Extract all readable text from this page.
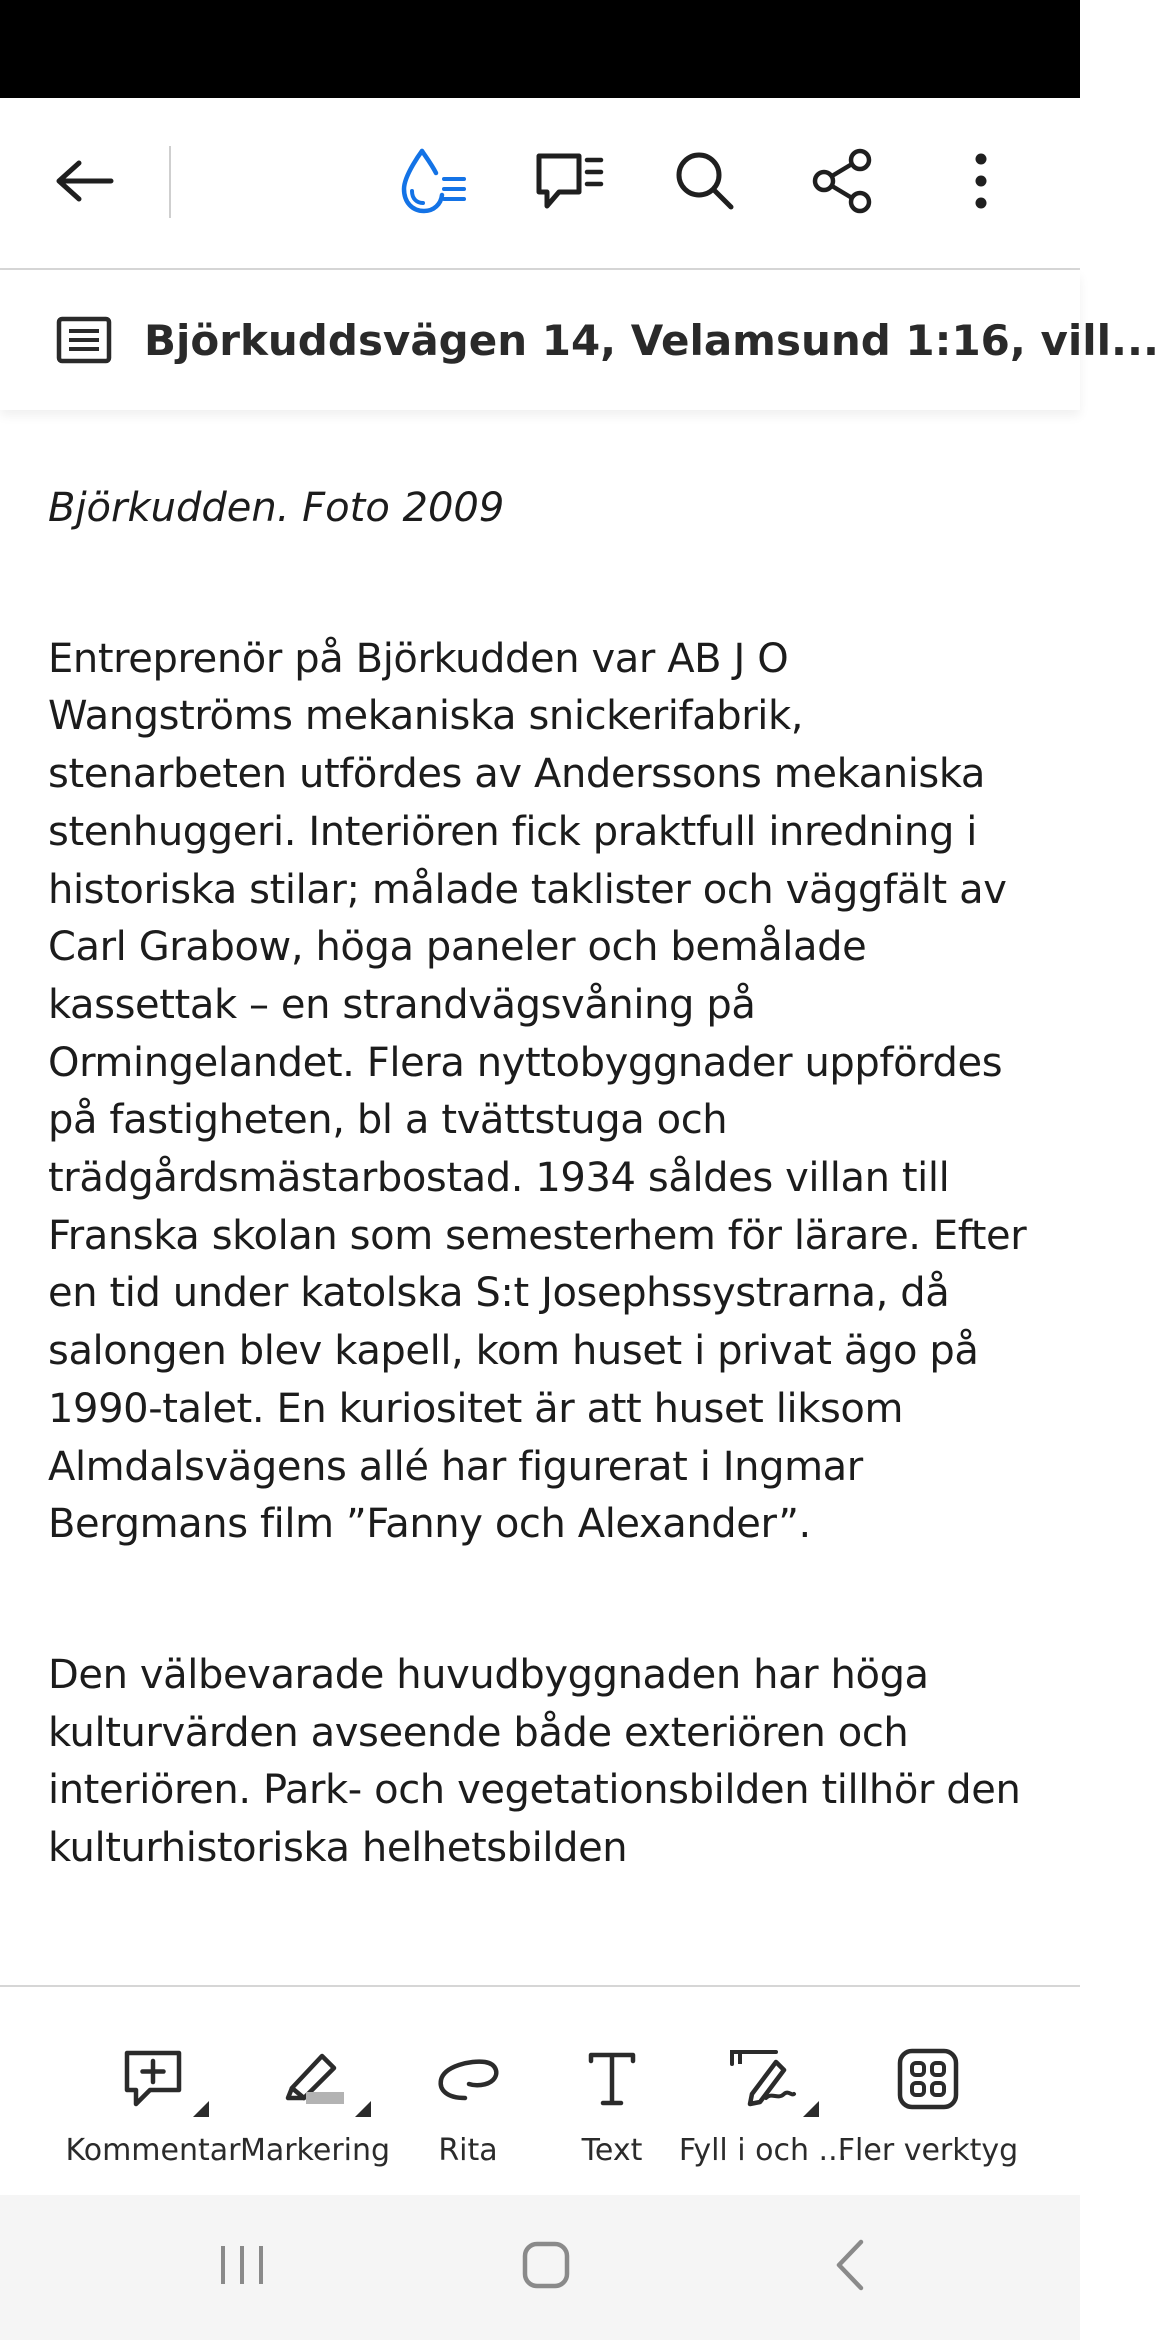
Björkuddsvägen 14, Velamsund 1:16, vill...
Björkudden. Foto 2009

Entreprenör på Björkudden var AB J O Wangströms mekaniska snickerifabrik, stenarbeten utfördes av Anderssons mekaniska stenhuggeri. Interiören fick praktfull inredning i historiska stilar; målade taklister och väggfält av Carl Grabow, höga paneler och bemålade kassettak – en strandvägsvåning på Ormingelandet. Flera nyttobyggnader uppfördes på fastigheten, bl a tvättstuga och trädgårdsmästarbostad. 1934 såldes villan till Franska skolan som semesterhem för lärare. Efter en tid under katolska S:t Josephssystrarna, då salongen blev kapell, kom huset i privat ägo på 1990-talet. En kuriositet är att huset liksom Almdalsvägens allé har figurerat i Ingmar Bergmans film ”Fanny och Alexander”.

Den välbevarade huvudbyggnaden har höga kulturvärden avseende både exteriören och interiören. Park- och vegetationsbilden tillhör den kulturhistoriska helhetsbilden

Kommentar Markering Rita	Text Fyll i och ...
Fler verktyg
